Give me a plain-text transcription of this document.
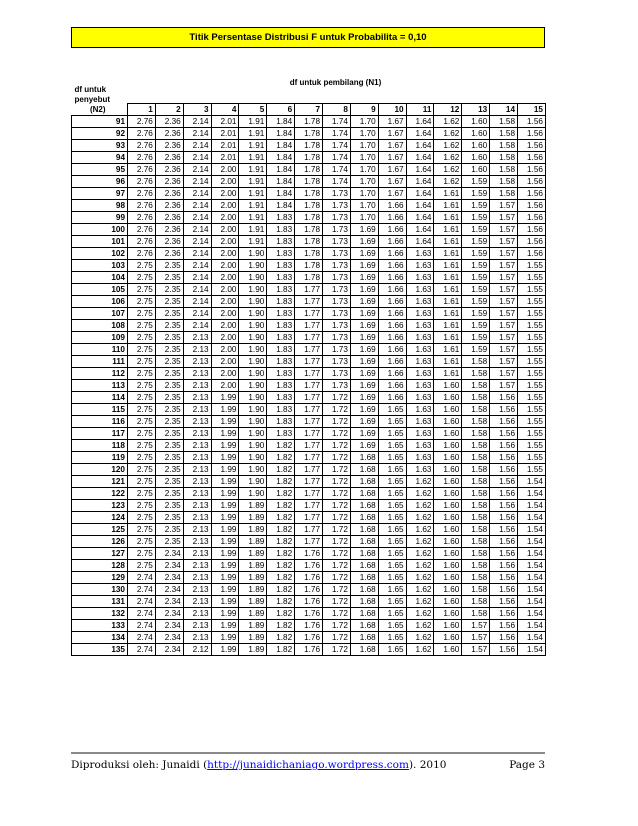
Titik Persentase Distribusi F untuk Probabilita = 0,10
df untuk
penyebut
(N2)	df untuk pembilang (N1)														
	1	2	3	4	5	6	7	8	9	10	11	12	13	14	15
91	2.76	2.36	2.14	2.01	1.91	1.84	1.78	1.74	1.70	1.67	1.64	1.62	1.60	1.58	1.56
92	2.76	2.36	2.14	2.01	1.91	1.84	1.78	1.74	1.70	1.67	1.64	1.62	1.60	1.58	1.56
93	2.76	2.36	2.14	2.01	1.91	1.84	1.78	1.74	1.70	1.67	1.64	1.62	1.60	1.58	1.56
94	2.76	2.36	2.14	2.01	1.91	1.84	1.78	1.74	1.70	1.67	1.64	1.62	1.60	1.58	1.56
95	2.76	2.36	2.14	2.00	1.91	1.84	1.78	1.74	1.70	1.67	1.64	1.62	1.60	1.58	1.56
96	2.76	2.36	2.14	2.00	1.91	1.84	1.78	1.74	1.70	1.67	1.64	1.62	1.59	1.58	1.56
97	2.76	2.36	2.14	2.00	1.91	1.84	1.78	1.73	1.70	1.67	1.64	1.61	1.59	1.58	1.56
98	2.76	2.36	2.14	2.00	1.91	1.84	1.78	1.73	1.70	1.66	1.64	1.61	1.59	1.57	1.56
99	2.76	2.36	2.14	2.00	1.91	1.83	1.78	1.73	1.70	1.66	1.64	1.61	1.59	1.57	1.56
100	2.76	2.36	2.14	2.00	1.91	1.83	1.78	1.73	1.69	1.66	1.64	1.61	1.59	1.57	1.56
101	2.76	2.36	2.14	2.00	1.91	1.83	1.78	1.73	1.69	1.66	1.64	1.61	1.59	1.57	1.56
102	2.76	2.36	2.14	2.00	1.90	1.83	1.78	1.73	1.69	1.66	1.63	1.61	1.59	1.57	1.56
103	2.75	2.35	2.14	2.00	1.90	1.83	1.78	1.73	1.69	1.66	1.63	1.61	1.59	1.57	1.55
104	2.75	2.35	2.14	2.00	1.90	1.83	1.78	1.73	1.69	1.66	1.63	1.61	1.59	1.57	1.55
105	2.75	2.35	2.14	2.00	1.90	1.83	1.77	1.73	1.69	1.66	1.63	1.61	1.59	1.57	1.55
106	2.75	2.35	2.14	2.00	1.90	1.83	1.77	1.73	1.69	1.66	1.63	1.61	1.59	1.57	1.55
107	2.75	2.35	2.14	2.00	1.90	1.83	1.77	1.73	1.69	1.66	1.63	1.61	1.59	1.57	1.55
108	2.75	2.35	2.14	2.00	1.90	1.83	1.77	1.73	1.69	1.66	1.63	1.61	1.59	1.57	1.55
109	2.75	2.35	2.13	2.00	1.90	1.83	1.77	1.73	1.69	1.66	1.63	1.61	1.59	1.57	1.55
110	2.75	2.35	2.13	2.00	1.90	1.83	1.77	1.73	1.69	1.66	1.63	1.61	1.59	1.57	1.55
111	2.75	2.35	2.13	2.00	1.90	1.83	1.77	1.73	1.69	1.66	1.63	1.61	1.58	1.57	1.55
112	2.75	2.35	2.13	2.00	1.90	1.83	1.77	1.73	1.69	1.66	1.63	1.61	1.58	1.57	1.55
113	2.75	2.35	2.13	2.00	1.90	1.83	1.77	1.73	1.69	1.66	1.63	1.60	1.58	1.57	1.55
114	2.75	2.35	2.13	1.99	1.90	1.83	1.77	1.72	1.69	1.66	1.63	1.60	1.58	1.56	1.55
115	2.75	2.35	2.13	1.99	1.90	1.83	1.77	1.72	1.69	1.65	1.63	1.60	1.58	1.56	1.55
116	2.75	2.35	2.13	1.99	1.90	1.83	1.77	1.72	1.69	1.65	1.63	1.60	1.58	1.56	1.55
117	2.75	2.35	2.13	1.99	1.90	1.83	1.77	1.72	1.69	1.65	1.63	1.60	1.58	1.56	1.55
118	2.75	2.35	2.13	1.99	1.90	1.82	1.77	1.72	1.69	1.65	1.63	1.60	1.58	1.56	1.55
119	2.75	2.35	2.13	1.99	1.90	1.82	1.77	1.72	1.68	1.65	1.63	1.60	1.58	1.56	1.55
120	2.75	2.35	2.13	1.99	1.90	1.82	1.77	1.72	1.68	1.65	1.63	1.60	1.58	1.56	1.55
121	2.75	2.35	2.13	1.99	1.90	1.82	1.77	1.72	1.68	1.65	1.62	1.60	1.58	1.56	1.54
122	2.75	2.35	2.13	1.99	1.90	1.82	1.77	1.72	1.68	1.65	1.62	1.60	1.58	1.56	1.54
123	2.75	2.35	2.13	1.99	1.89	1.82	1.77	1.72	1.68	1.65	1.62	1.60	1.58	1.56	1.54
124	2.75	2.35	2.13	1.99	1.89	1.82	1.77	1.72	1.68	1.65	1.62	1.60	1.58	1.56	1.54
125	2.75	2.35	2.13	1.99	1.89	1.82	1.77	1.72	1.68	1.65	1.62	1.60	1.58	1.56	1.54
126	2.75	2.35	2.13	1.99	1.89	1.82	1.77	1.72	1.68	1.65	1.62	1.60	1.58	1.56	1.54
127	2.75	2.34	2.13	1.99	1.89	1.82	1.76	1.72	1.68	1.65	1.62	1.60	1.58	1.56	1.54
128	2.75	2.34	2.13	1.99	1.89	1.82	1.76	1.72	1.68	1.65	1.62	1.60	1.58	1.56	1.54
129	2.74	2.34	2.13	1.99	1.89	1.82	1.76	1.72	1.68	1.65	1.62	1.60	1.58	1.56	1.54
130	2.74	2.34	2.13	1.99	1.89	1.82	1.76	1.72	1.68	1.65	1.62	1.60	1.58	1.56	1.54
131	2.74	2.34	2.13	1.99	1.89	1.82	1.76	1.72	1.68	1.65	1.62	1.60	1.58	1.56	1.54
132	2.74	2.34	2.13	1.99	1.89	1.82	1.76	1.72	1.68	1.65	1.62	1.60	1.58	1.56	1.54
133	2.74	2.34	2.13	1.99	1.89	1.82	1.76	1.72	1.68	1.65	1.62	1.60	1.57	1.56	1.54
134	2.74	2.34	2.13	1.99	1.89	1.82	1.76	1.72	1.68	1.65	1.62	1.60	1.57	1.56	1.54
135	2.74	2.34	2.12	1.99	1.89	1.82	1.76	1.72	1.68	1.65	1.62	1.60	1.57	1.56	1.54
Diproduksi oleh: Junaidi (http://junaidichaniago.wordpress.com). 2010	Page 3
